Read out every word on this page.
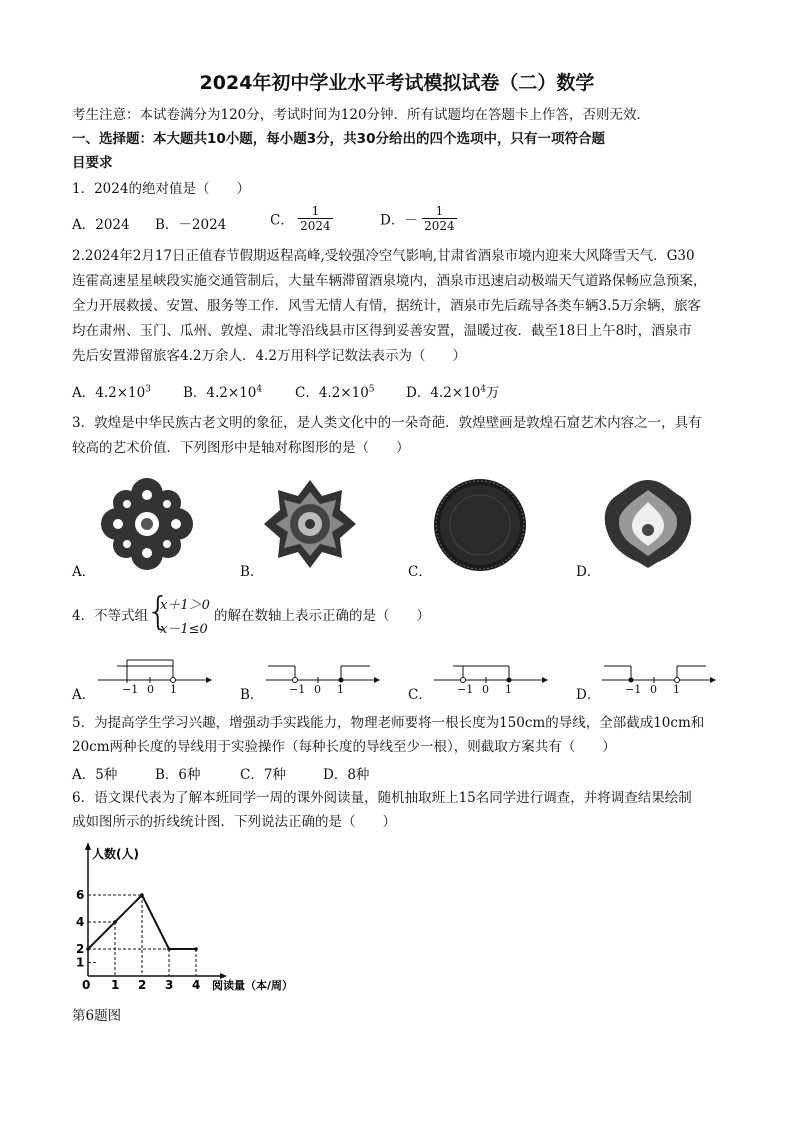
2024年初中学业水平考试模拟试卷（二）数学
考生注意：本试卷满分为120分，考试时间为120分钟．所有试题均在答题卡上作答，否则无效．
一、选择题：本大题共10小题，每小题3分，共30分给出的四个选项中，只有一项符合题
目要求
1．2024的绝对值是（　　）
A．2024 B．－2024	C． $\frac{1}{2024}$	D．－ $\frac{1}{2024}$
2.2024年2月17日正值春节假期返程高峰,受较强冷空气影响,甘肃省酒泉市境内迎来大风降雪天气．G30
连霍高速星星峡段实施交通管制后，大量车辆滞留酒泉境内，酒泉市迅速启动极端天气道路保畅应急预案，
全力开展救援、安置、服务等工作．风雪无情人有情，据统计，酒泉市先后疏导各类车辆3.5万余辆，旅客
均在肃州、玉门、瓜州、敦煌、肃北等沿线县市区得到妥善安置，温暖过夜．截至18日上午8时，酒泉市
先后安置滞留旅客4.2万余人．4.2万用科学记数法表示为（　　）
A．$4.2\times 10^3$ B．$4.2\times 10^4$ C．$4.2\times 10^5$ D．$4.2\times 10^4$万
3．敦煌是中华民族古老文明的象征，是人类文化中的一朵奇葩．敦煌壁画是敦煌石窟艺术内容之一，具有
较高的艺术价值．下列图形中是轴对称图形的是（　　）
A．	B．	C．	D．
4．不等式组
{
x＋1＞0
x－1≤0
的解在数轴上表示正确的是（　　）
A． −1 0 1	B． −1 0 1	C． −1 0 1	D． −1 0 1
5．为提高学生学习兴趣，增强动手实践能力，物理老师要将一根长度为150cm的导线，全部截成10cm和
20cm两种长度的导线用于实验操作（每种长度的导线至少一根），则截取方案共有（　　）
A．5种	B．6种	C．7种	D．8种
6．语文课代表为了解本班同学一周的课外阅读量，随机抽取班上15名同学进行调查，并将调查结果绘制
成如图所示的折线统计图．下列说法正确的是（　　）
0 1 2 3 4
1
2
4
6
人数(人)
阅读量（本/周）
第6题图
